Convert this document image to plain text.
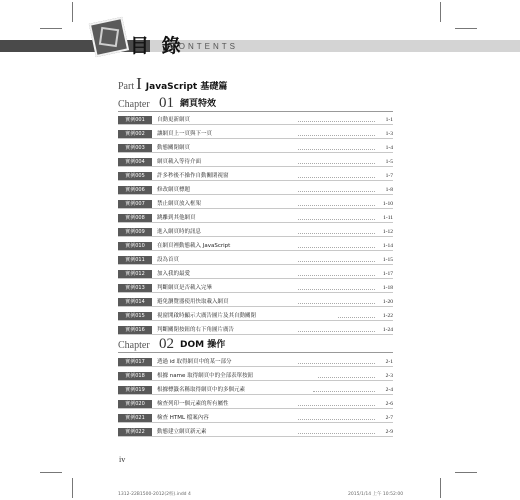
目 錄
CONTENTS
Part I JavaScript 基礎篇
Chapter 01 網頁特效
實例001	自動更新網頁	1-1
實例002	讓網頁上一頁與下一頁	1-3
實例003	動態關閉網頁	1-4
實例004	網頁載入等待介面	1-5
實例005	許多秒後不操作自動關閉視窗	1-7
實例006	修改網頁標題	1-8
實例007	禁止網頁放入框架	1-10
實例008	跳離到其他網頁	1-11
實例009	進入網頁時的訊息	1-12
實例010	在網頁裡動態載入 JavaScript	1-14
實例011	設為首頁	1-15
實例012	加入我的最愛	1-17
實例013	判斷網頁是否載入完畢	1-18
實例014	避免瀏覽器使用快取載入網頁	1-20
實例015	視窗開啟時顯示大廣告圖片及其自動關閉	1-22
實例016	判斷關閉按鈕的右下角圖片廣告	1-24
Chapter 02 DOM 操作
實例017	透過 id 取得網頁中的某一部分	2-1
實例018	根據 name 取得網頁中的全部表單按鈕	2-3
實例019	根據標籤名稱取得網頁中的多個元素	2-4
實例020	檢查列印一個元素的所有屬性	2-6
實例021	檢查 HTML 檔案內容	2-7
實例022	動態建立網頁新元素	2-9
iv
1312-22B1500-2012(2校).indd 4	2015/1/14 上午 10:52:00
